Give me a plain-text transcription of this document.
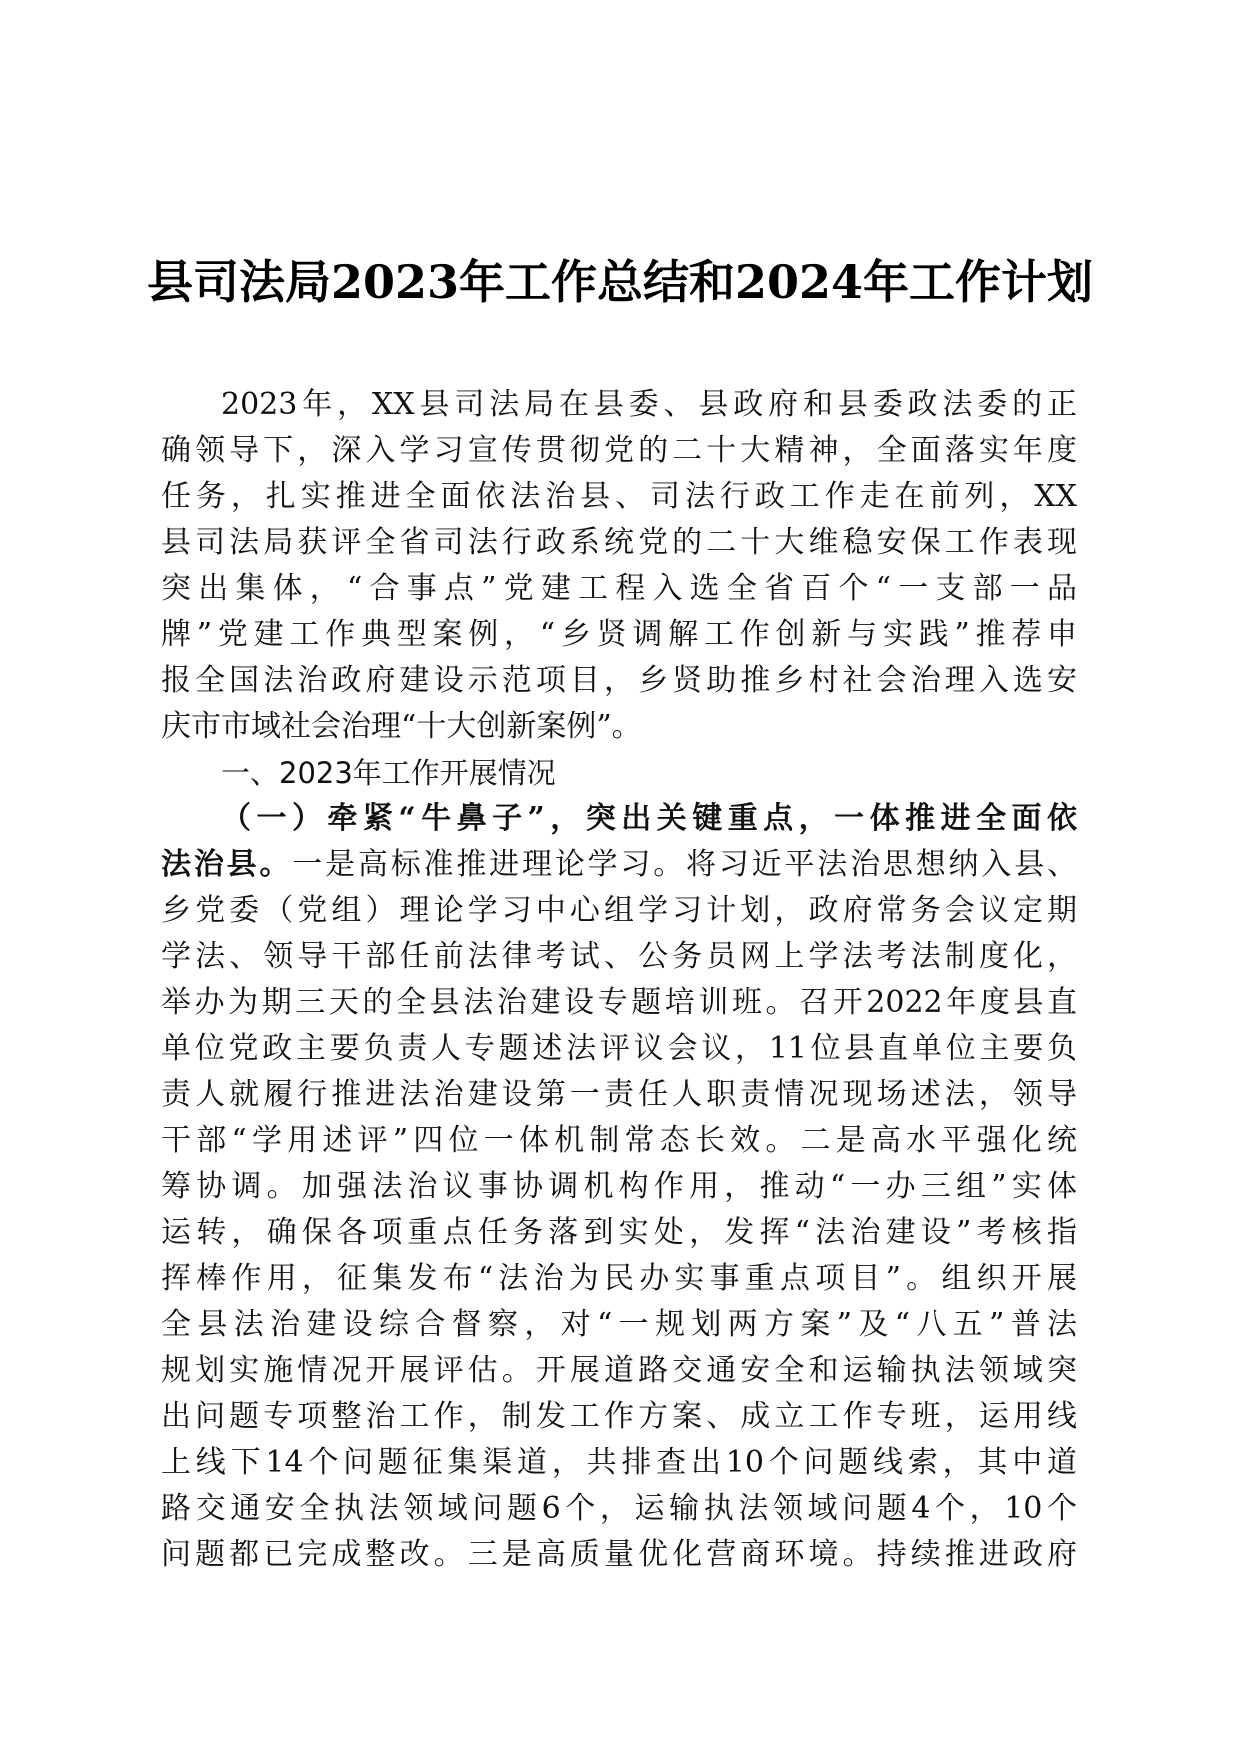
县司法局2023年工作总结和2024年工作计划
2023年，XX县司法局在县委、县政府和县委政法委的正
确领导下，深入学习宣传贯彻党的二十大精神，全面落实年度
任务，扎实推进全面依法治县、司法行政工作走在前列，XX
县司法局获评全省司法行政系统党的二十大维稳安保工作表现
突出集体，“合事点”党建工程入选全省百个“一支部一品
牌”党建工作典型案例，“乡贤调解工作创新与实践”推荐申
报全国法治政府建设示范项目，乡贤助推乡村社会治理入选安
庆市市域社会治理“十大创新案例”。
一、2023年工作开展情况
（一）牵紧“牛鼻子”，突出关键重点，一体推进全面依
法治县。一是高标准推进理论学习。将习近平法治思想纳入县、
乡党委（党组）理论学习中心组学习计划，政府常务会议定期
学法、领导干部任前法律考试、公务员网上学法考法制度化，
举办为期三天的全县法治建设专题培训班。召开2022年度县直
单位党政主要负责人专题述法评议会议，11位县直单位主要负
责人就履行推进法治建设第一责任人职责情况现场述法，领导
干部“学用述评”四位一体机制常态长效。二是高水平强化统
筹协调。加强法治议事协调机构作用，推动“一办三组”实体
运转，确保各项重点任务落到实处，发挥“法治建设”考核指
挥棒作用，征集发布“法治为民办实事重点项目”。组织开展
全县法治建设综合督察，对“一规划两方案”及“八五”普法
规划实施情况开展评估。开展道路交通安全和运输执法领域突
出问题专项整治工作，制发工作方案、成立工作专班，运用线
上线下14个问题征集渠道，共排查出10个问题线索，其中道
路交通安全执法领域问题6个，运输执法领域问题4个，10个
问题都已完成整改。三是高质量优化营商环境。持续推进政府
